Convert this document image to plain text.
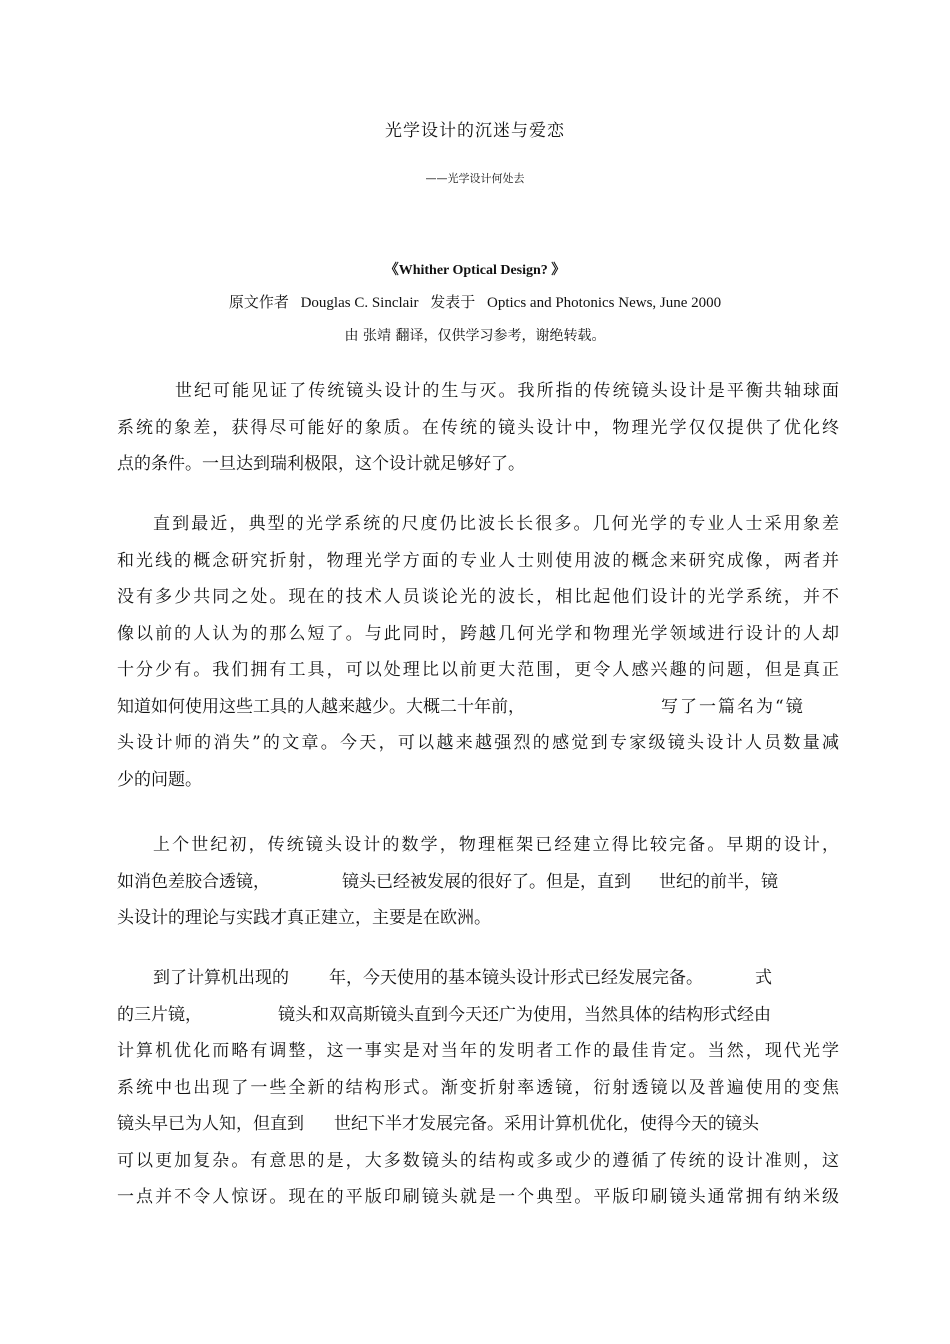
光学设计的沉迷与爱恋
——光学设计何处去
《Whither Optical Design? 》
原文作者 Douglas C. Sinclair 发表于 Optics and Photonics News, June 2000
由 张靖 翻译，仅供学习参考，谢绝转载。
世纪可能见证了传统镜头设计的生与灭。我所指的传统镜头设计是平衡共轴球面
系统的象差，获得尽可能好的象质。在传统的镜头设计中，物理光学仅仅提供了优化终
点的条件。一旦达到瑞利极限，这个设计就足够好了。
直到最近，典型的光学系统的尺度仍比波长长很多。几何光学的专业人士采用象差
和光线的概念研究折射，物理光学方面的专业人士则使用波的概念来研究成像，两者并
没有多少共同之处。现在的技术人员谈论光的波长，相比起他们设计的光学系统，并不
像以前的人认为的那么短了。与此同时，跨越几何光学和物理光学领域进行设计的人却
十分少有。我们拥有工具，可以处理比以前更大范围，更令人感兴趣的问题，但是真正
知道如何使用这些工具的人越来越少。大概二十年前，	写了一篇名为“镜
头设计师的消失”的文章。今天，可以越来越强烈的感觉到专家级镜头设计人员数量减
少的问题。
上个世纪初，传统镜头设计的数学，物理框架已经建立得比较完备。早期的设计，
如消色差胶合透镜，	镜头已经被发展的很好了。但是，直到 世纪的前半，镜
头设计的理论与实践才真正建立，主要是在欧洲。
到了计算机出现的 年，今天使用的基本镜头设计形式已经发展完备。	式
的三片镜，	镜头和双高斯镜头直到今天还广为使用，当然具体的结构形式经由
计算机优化而略有调整，这一事实是对当年的发明者工作的最佳肯定。当然，现代光学
系统中也出现了一些全新的结构形式。渐变折射率透镜，衍射透镜以及普遍使用的变焦
镜头早已为人知，但直到 世纪下半才发展完备。采用计算机优化，使得今天的镜头
可以更加复杂。有意思的是，大多数镜头的结构或多或少的遵循了传统的设计准则，这
一点并不令人惊讶。现在的平版印刷镜头就是一个典型。平版印刷镜头通常拥有纳米级
